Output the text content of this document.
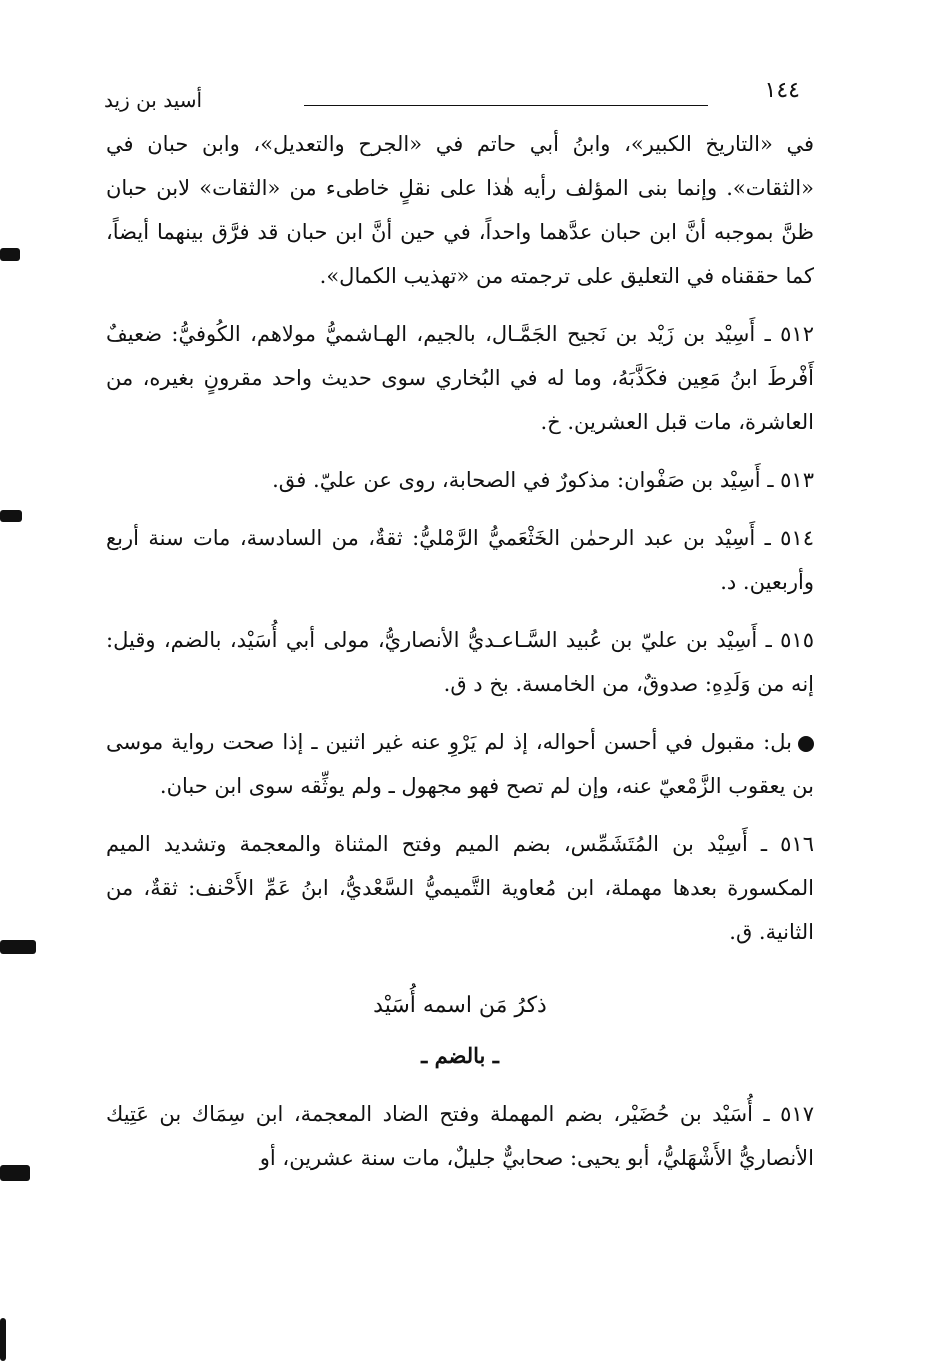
١٤٤
أسيد بن زيد

في «التاريخ الكبير»، وابنُ أبي حاتم في «الجرح والتعديل»، وابن حبان في «الثقات». وإنما بنى المؤلف رأيه هٰذا على نقلٍ خاطىء من «الثقات» لابن حبان ظنَّ بموجبه أنَّ ابن حبان عدَّهما واحداً، في حين أنَّ ابن حبان قد فرَّق بينهما أيضاً، كما حققناه في التعليق على ترجمته من «تهذيب الكمال».

٥١٢ ـ أَسِيْد بن زَيْد بن نَجيح الجَمَّـال، بالجيم، الهـاشميُّ مولاهم، الكُوفيُّ: ضعيفٌ أَفْرطَ ابنُ مَعِين فكَذَّبَهُ، وما له في البُخاري سوى حديث واحد مقرونٍ بغيره، من العاشرة، مات قبل العشرين. خ.

٥١٣ ـ أَسِيْد بن صَفْوان: مذكورٌ في الصحابة، روى عن عليّ. فق.

٥١٤ ـ أَسِيْد بن عبد الرحمٰن الخَثْعَميُّ الرَّمْليُّ: ثقةٌ، من السادسة، مات سنة أربع وأربعين. د.

٥١٥ ـ أَسِيْد بن عليّ بن عُبيد السَّـاعـديُّ الأنصاريُّ، مولى أبي أُسَيْد، بالضم، وقيل: إنه من وَلَدِهِ: صدوقٌ، من الخامسة. بخ د ق.

بل: مقبول في أحسن أحواله، إذ لم يَرْوِ عنه غير اثنين ـ إذا صحت رواية موسى بن يعقوب الزَّمْعيّ عنه، وإن لم تصح فهو مجهول ـ ولم يوثِّقه سوى ابن حبان.

٥١٦ ـ أَسِيْد بن المُتَشَمِّس، بضم الميم وفتح المثناة والمعجمة وتشديد الميم المكسورة بعدها مهملة، ابن مُعاوية التَّميميُّ السَّعْديُّ، ابنُ عَمِّ الأَحْنف: ثقةٌ، من الثانية. ق.

ذكرُ مَن اسمه أُسَيْد

ـ بالضم ـ

٥١٧ ـ أُسَيْد بن حُضَيْر، بضم المهملة وفتح الضاد المعجمة، ابن سِمَاك بن عَتِيك الأنصاريُّ الأَشْهَليُّ، أبو يحيى: صحابيٌّ جليلٌ، مات سنة عشرين، أو
